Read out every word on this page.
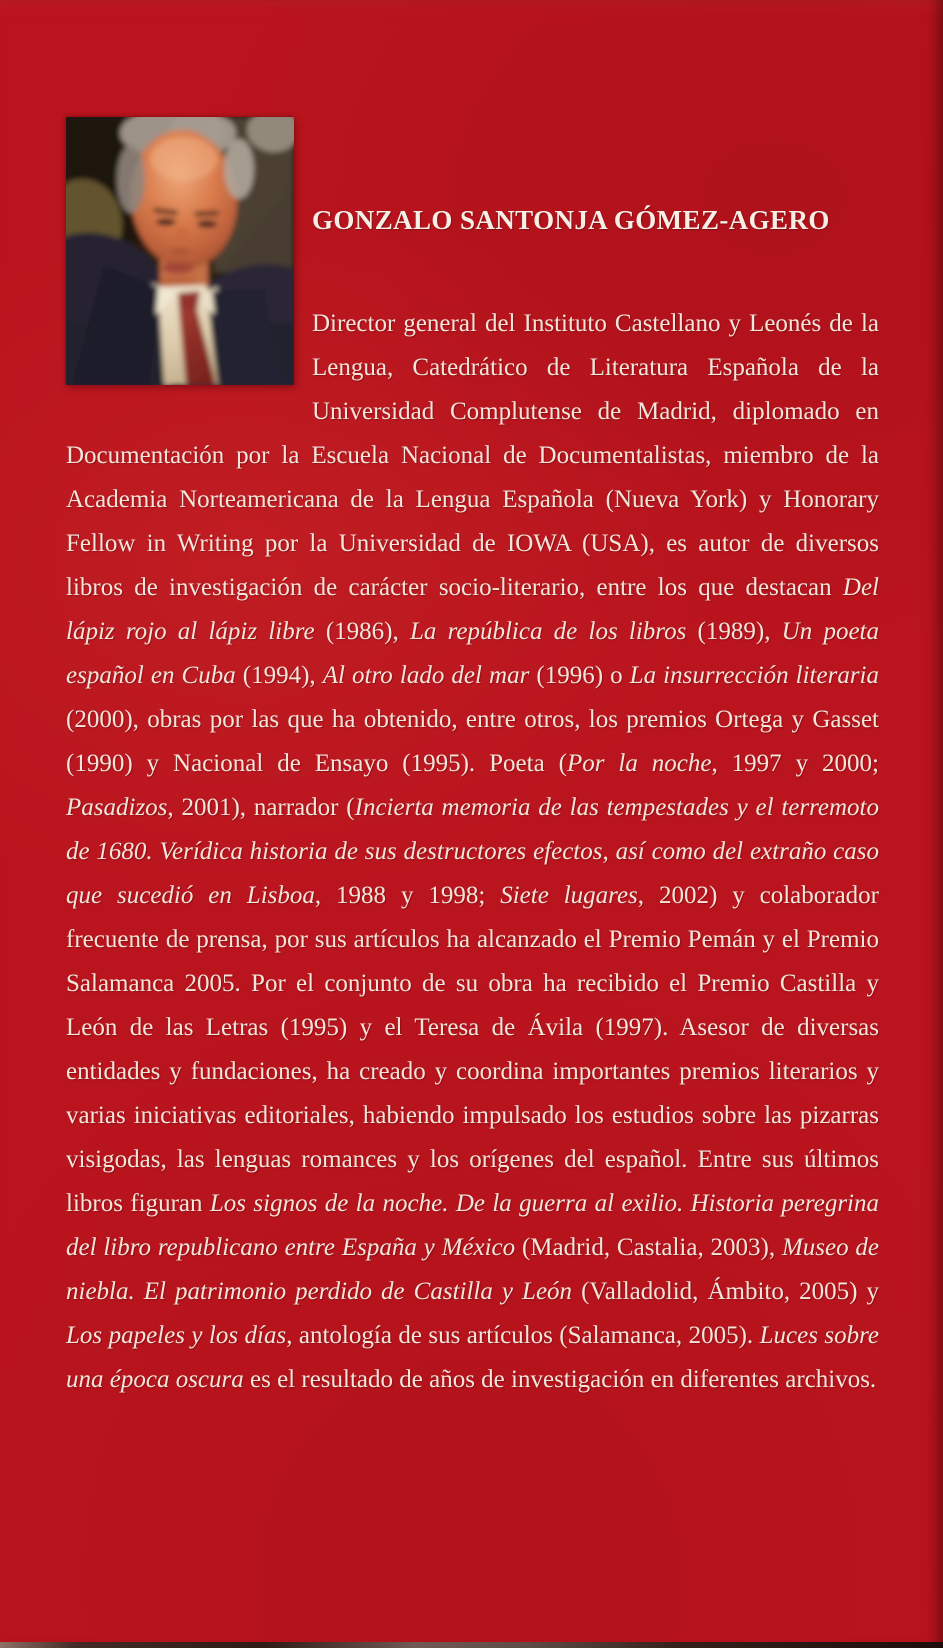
GONZALO SANTONJA GÓMEZ-AGERO

Director general del Instituto Castellano y Leonés de la Lengua, Catedrático de Literatura Española de la Universidad Complutense de Madrid, diplomado en Documentación por la Escuela Nacional de Documentalistas, miembro de la Academia Norteamericana de la Lengua Española (Nueva York) y Honorary Fellow in Writing por la Universidad de IOWA (USA), es autor de diversos libros de investigación de carácter socio-literario, entre los que destacan Del lápiz rojo al lápiz libre (1986), La república de los libros (1989), Un poeta español en Cuba (1994), Al otro lado del mar (1996) o La insurrección literaria (2000), obras por las que ha obtenido, entre otros, los premios Ortega y Gasset (1990) y Nacional de Ensayo (1995). Poeta (Por la noche, 1997 y 2000; Pasadizos, 2001), narrador (Incierta memoria de las tempestades y el terremoto de 1680. Verídica historia de sus destructores efectos, así como del extraño caso que sucedió en Lisboa, 1988 y 1998; Siete lugares, 2002) y colaborador frecuente de prensa, por sus artículos ha alcanzado el Premio Pemán y el Premio Salamanca 2005. Por el conjunto de su obra ha recibido el Premio Castilla y León de las Letras (1995) y el Teresa de Ávila (1997). Asesor de diversas entidades y fundaciones, ha creado y coordina importantes premios literarios y varias iniciativas editoriales, habiendo impulsado los estudios sobre las pizarras visigodas, las lenguas romances y los orígenes del español. Entre sus últimos libros figuran Los signos de la noche. De la guerra al exilio. Historia peregrina del libro republicano entre España y México (Madrid, Castalia, 2003), Museo de niebla. El patrimonio perdido de Castilla y León (Valladolid, Ámbito, 2005) y Los papeles y los días, antología de sus artículos (Salamanca, 2005). Luces sobre una época oscura es el resultado de años de investigación en diferentes archivos.
